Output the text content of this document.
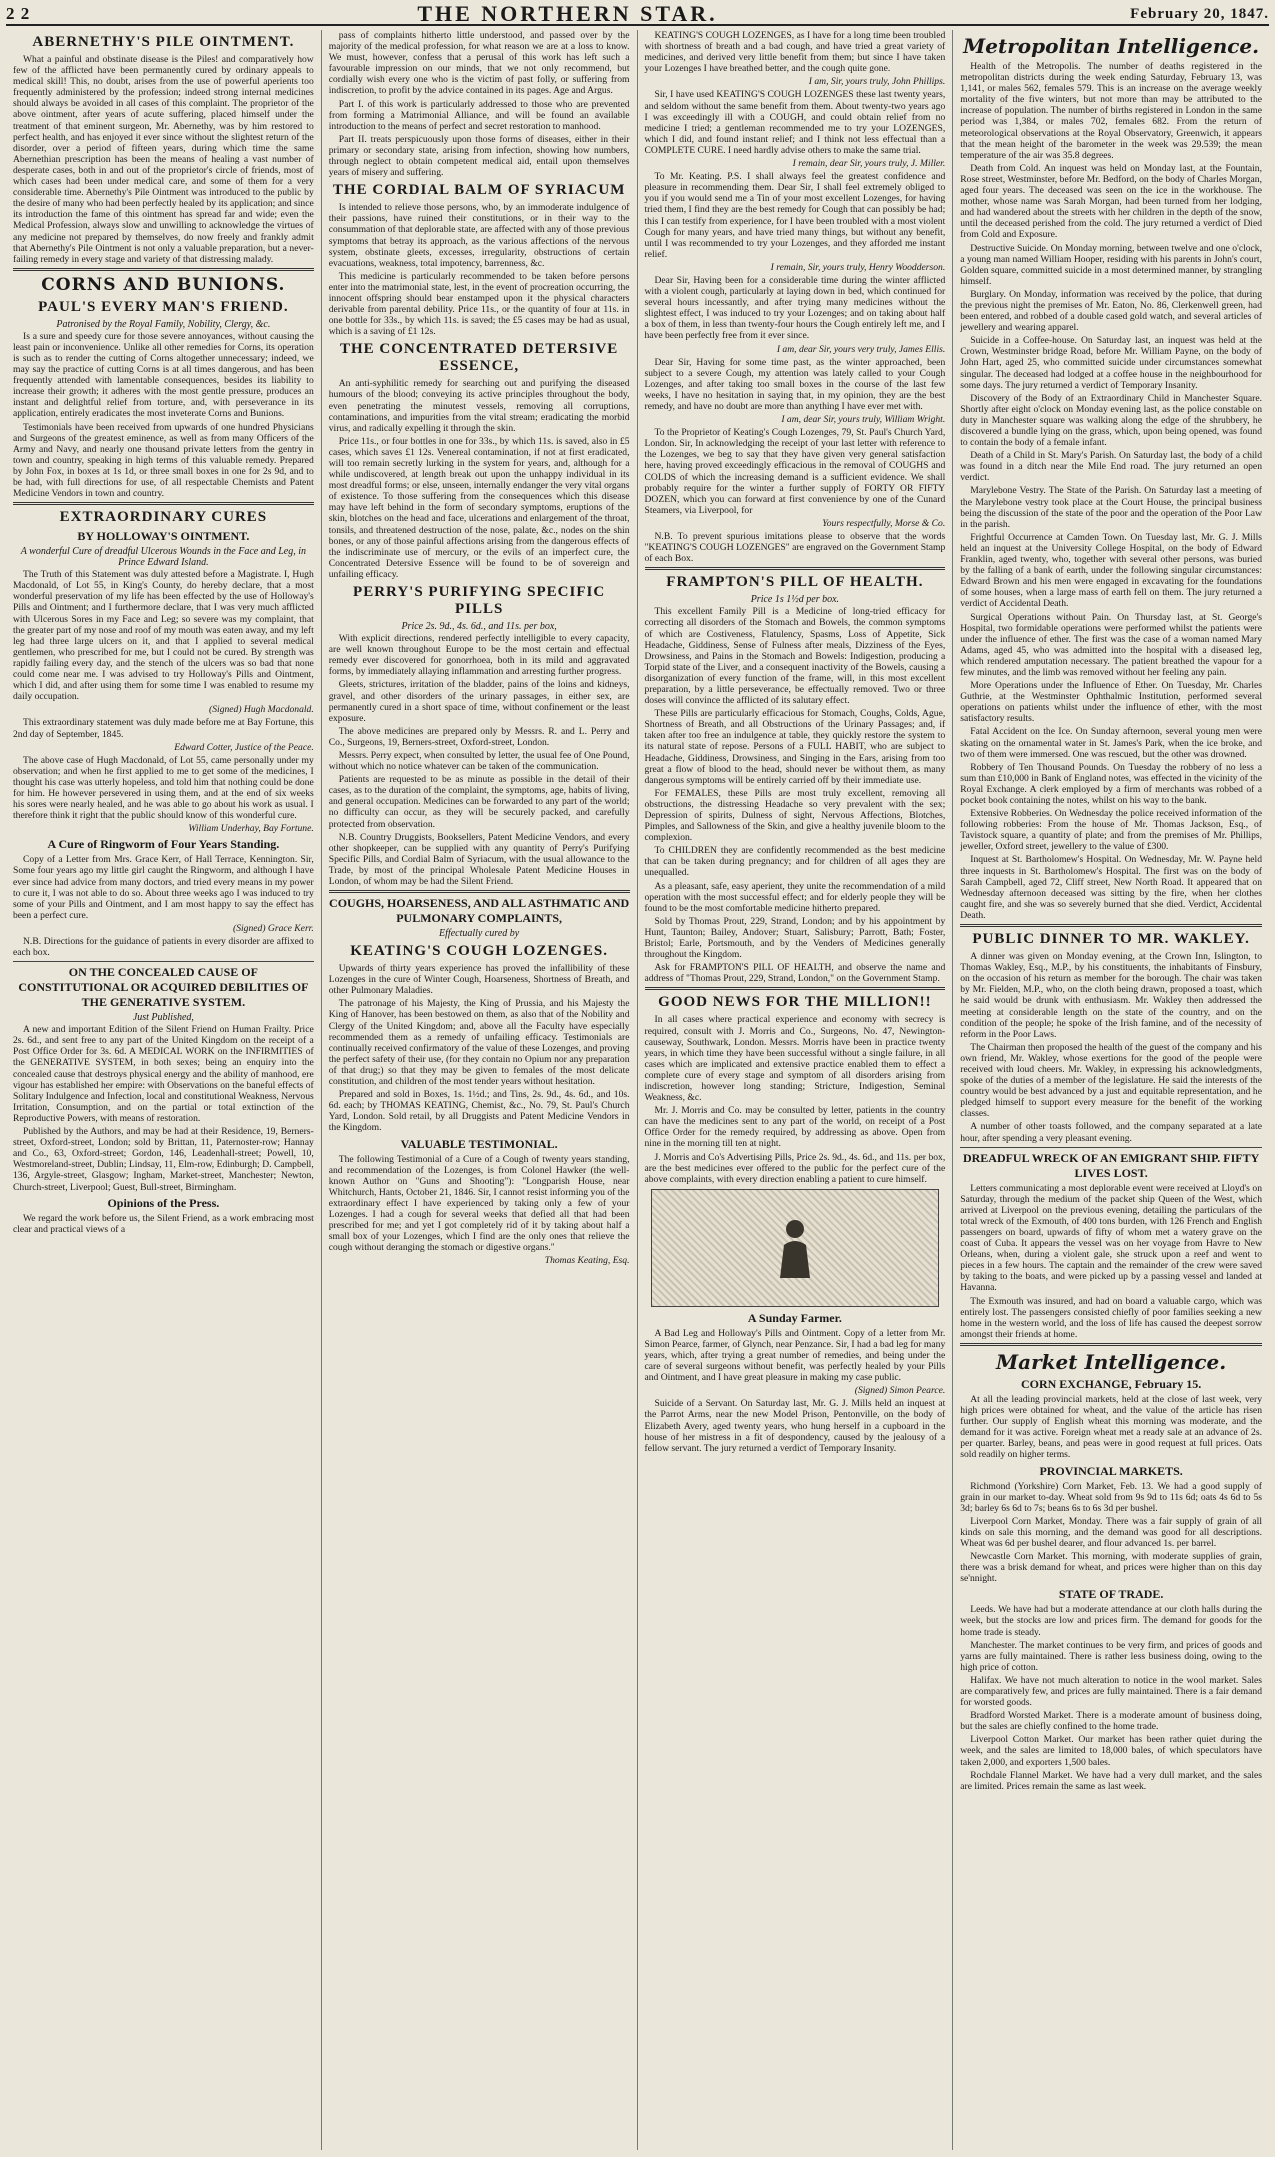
2 2	THE NORTHERN STAR.	February 20, 1847.
ABERNETHY'S PILE OINTMENT.

What a painful and obstinate disease is the Piles! and comparatively how few of the afflicted have been permanently cured by ordinary appeals to medical skill! This, no doubt, arises from the use of powerful aperients too frequently administered by the profession; indeed strong internal medicines should always be avoided in all cases of this complaint. The proprietor of the above ointment, after years of acute suffering, placed himself under the treatment of that eminent surgeon, Mr. Abernethy, was by him restored to perfect health, and has enjoyed it ever since without the slightest return of the disorder, over a period of fifteen years, during which time the same Abernethian prescription has been the means of healing a vast number of desperate cases, both in and out of the proprietor's circle of friends, most of which cases had been under medical care, and some of them for a very considerable time. Abernethy's Pile Ointment was introduced to the public by the desire of many who had been perfectly healed by its application; and since its introduction the fame of this ointment has spread far and wide; even the Medical Profession, always slow and unwilling to acknowledge the virtues of any medicine not prepared by themselves, do now freely and frankly admit that Abernethy's Pile Ointment is not only a valuable preparation, but a never-failing remedy in every stage and variety of that distressing malady.

CORNS AND BUNIONS.
PAUL'S EVERY MAN'S FRIEND.
Patronised by the Royal Family, Nobility, Clergy, &c.

Is a sure and speedy cure for those severe annoyances, without causing the least pain or inconvenience. Unlike all other remedies for Corns, its operation is such as to render the cutting of Corns altogether unnecessary; indeed, we may say the practice of cutting Corns is at all times dangerous, and has been frequently attended with lamentable consequences, besides its liability to increase their growth; it adheres with the most gentle pressure, produces an instant and delightful relief from torture, and, with perseverance in its application, entirely eradicates the most inveterate Corns and Bunions.

Testimonials have been received from upwards of one hundred Physicians and Surgeons of the greatest eminence, as well as from many Officers of the Army and Navy, and nearly one thousand private letters from the gentry in town and country, speaking in high terms of this valuable remedy. Prepared by John Fox, in boxes at 1s 1d, or three small boxes in one for 2s 9d, and to be had, with full directions for use, of all respectable Chemists and Patent Medicine Vendors in town and country.

EXTRAORDINARY CURES
BY HOLLOWAY'S OINTMENT.
A wonderful Cure of dreadful Ulcerous Wounds in the Face and Leg, in Prince Edward Island.

The Truth of this Statement was duly attested before a Magistrate. I, Hugh Macdonald, of Lot 55, in King's County, do hereby declare, that a most wonderful preservation of my life has been effected by the use of Holloway's Pills and Ointment; and I furthermore declare, that I was very much afflicted with Ulcerous Sores in my Face and Leg; so severe was my complaint, that the greater part of my nose and roof of my mouth was eaten away, and my left leg had three large ulcers on it, and that I applied to several medical gentlemen, who prescribed for me, but I could not be cured. By strength was rapidly failing every day, and the stench of the ulcers was so bad that none could come near me. I was advised to try Holloway's Pills and Ointment, which I did, and after using them for some time I was enabled to resume my daily occupation.

(Signed) Hugh Macdonald.

This extraordinary statement was duly made before me at Bay Fortune, this 2nd day of September, 1845.

Edward Cotter, Justice of the Peace.

The above case of Hugh Macdonald, of Lot 55, came personally under my observation; and when he first applied to me to get some of the medicines, I thought his case was utterly hopeless, and told him that nothing could be done for him. He however persevered in using them, and at the end of six weeks his sores were nearly healed, and he was able to go about his work as usual. I therefore think it right that the public should know of this wonderful cure.

William Underhay, Bay Fortune.

A Cure of Ringworm of Four Years Standing.

Copy of a Letter from Mrs. Grace Kerr, of Hall Terrace, Kennington. Sir, Some four years ago my little girl caught the Ringworm, and although I have ever since had advice from many doctors, and tried every means in my power to cure it, I was not able to do so. About three weeks ago I was induced to try some of your Pills and Ointment, and I am most happy to say the effect has been a perfect cure.

(Signed) Grace Kerr.

N.B. Directions for the guidance of patients in every disorder are affixed to each box.

ON THE CONCEALED CAUSE OF CONSTITUTIONAL OR ACQUIRED DEBILITIES OF THE GENERATIVE SYSTEM.
Just Published,

A new and important Edition of the Silent Friend on Human Frailty. Price 2s. 6d., and sent free to any part of the United Kingdom on the receipt of a Post Office Order for 3s. 6d. A MEDICAL WORK on the INFIRMITIES of the GENERATIVE SYSTEM, in both sexes; being an enquiry into the concealed cause that destroys physical energy and the ability of manhood, ere vigour has established her empire: with Observations on the baneful effects of Solitary Indulgence and Infection, local and constitutional Weakness, Nervous Irritation, Consumption, and on the partial or total extinction of the Reproductive Powers, with means of restoration.

Published by the Authors, and may be had at their Residence, 19, Berners-street, Oxford-street, London; sold by Brittan, 11, Paternoster-row; Hannay and Co., 63, Oxford-street; Gordon, 146, Leadenhall-street; Powell, 10, Westmoreland-street, Dublin; Lindsay, 11, Elm-row, Edinburgh; D. Campbell, 136, Argyle-street, Glasgow; Ingham, Market-street, Manchester; Newton, Church-street, Liverpool; Guest, Bull-street, Birmingham.

Opinions of the Press.

We regard the work before us, the Silent Friend, as a work embracing most clear and practical views of a

pass of complaints hitherto little understood, and passed over by the majority of the medical profession, for what reason we are at a loss to know. We must, however, confess that a perusal of this work has left such a favourable impression on our minds, that we not only recommend, but cordially wish every one who is the victim of past folly, or suffering from indiscretion, to profit by the advice contained in its pages. Age and Argus.

Part I. of this work is particularly addressed to those who are prevented from forming a Matrimonial Alliance, and will be found an available introduction to the means of perfect and secret restoration to manhood.

Part II. treats perspicuously upon those forms of diseases, either in their primary or secondary state, arising from infection, showing how numbers, through neglect to obtain competent medical aid, entail upon themselves years of misery and suffering.

THE CORDIAL BALM OF SYRIACUM

Is intended to relieve those persons, who, by an immoderate indulgence of their passions, have ruined their constitutions, or in their way to the consummation of that deplorable state, are affected with any of those previous symptoms that betray its approach, as the various affections of the nervous system, obstinate gleets, excesses, irregularity, obstructions of certain evacuations, weakness, total impotency, barrenness, &c.

This medicine is particularly recommended to be taken before persons enter into the matrimonial state, lest, in the event of procreation occurring, the innocent offspring should bear enstamped upon it the physical characters derivable from parental debility. Price 11s., or the quantity of four at 11s. in one bottle for 33s., by which 11s. is saved; the £5 cases may be had as usual, which is a saving of £1 12s.

THE CONCENTRATED DETERSIVE ESSENCE,

An anti-syphilitic remedy for searching out and purifying the diseased humours of the blood; conveying its active principles throughout the body, even penetrating the minutest vessels, removing all corruptions, contaminations, and impurities from the vital stream; eradicating the morbid virus, and radically expelling it through the skin.

Price 11s., or four bottles in one for 33s., by which 11s. is saved, also in £5 cases, which saves £1 12s. Venereal contamination, if not at first eradicated, will too remain secretly lurking in the system for years, and, although for a while undiscovered, at length break out upon the unhappy individual in its most dreadful forms; or else, unseen, internally endanger the very vital organs of existence. To those suffering from the consequences which this disease may have left behind in the form of secondary symptoms, eruptions of the skin, blotches on the head and face, ulcerations and enlargement of the throat, tonsils, and threatened destruction of the nose, palate, &c., nodes on the shin bones, or any of those painful affections arising from the dangerous effects of the indiscriminate use of mercury, or the evils of an imperfect cure, the Concentrated Detersive Essence will be found to be of sovereign and unfailing efficacy.

PERRY'S PURIFYING SPECIFIC PILLS
Price 2s. 9d., 4s. 6d., and 11s. per box,

With explicit directions, rendered perfectly intelligible to every capacity, are well known throughout Europe to be the most certain and effectual remedy ever discovered for gonorrhoea, both in its mild and aggravated forms, by immediately allaying inflammation and arresting further progress.

Gleets, strictures, irritation of the bladder, pains of the loins and kidneys, gravel, and other disorders of the urinary passages, in either sex, are permanently cured in a short space of time, without confinement or the least exposure.

The above medicines are prepared only by Messrs. R. and L. Perry and Co., Surgeons, 19, Berners-street, Oxford-street, London.

Messrs. Perry expect, when consulted by letter, the usual fee of One Pound, without which no notice whatever can be taken of the communication.

Patients are requested to be as minute as possible in the detail of their cases, as to the duration of the complaint, the symptoms, age, habits of living, and general occupation. Medicines can be forwarded to any part of the world; no difficulty can occur, as they will be securely packed, and carefully protected from observation.

N.B. Country Druggists, Booksellers, Patent Medicine Vendors, and every other shopkeeper, can be supplied with any quantity of Perry's Purifying Specific Pills, and Cordial Balm of Syriacum, with the usual allowance to the Trade, by most of the principal Wholesale Patent Medicine Houses in London, of whom may be had the Silent Friend.

COUGHS, HOARSENESS, AND ALL ASTHMATIC AND PULMONARY COMPLAINTS,
Effectually cured by
KEATING'S COUGH LOZENGES.

Upwards of thirty years experience has proved the infallibility of these Lozenges in the cure of Winter Cough, Hoarseness, Shortness of Breath, and other Pulmonary Maladies.

The patronage of his Majesty, the King of Prussia, and his Majesty the King of Hanover, has been bestowed on them, as also that of the Nobility and Clergy of the United Kingdom; and, above all the Faculty have especially recommended them as a remedy of unfailing efficacy. Testimonials are continually received confirmatory of the value of these Lozenges, and proving the perfect safety of their use, (for they contain no Opium nor any preparation of that drug;) so that they may be given to females of the most delicate constitution, and children of the most tender years without hesitation.

Prepared and sold in Boxes, 1s. 1½d.; and Tins, 2s. 9d., 4s. 6d., and 10s. 6d. each; by THOMAS KEATING, Chemist, &c., No. 79, St. Paul's Church Yard, London. Sold retail, by all Druggists and Patent Medicine Vendors in the Kingdom.

VALUABLE TESTIMONIAL.

The following Testimonial of a Cure of a Cough of twenty years standing, and recommendation of the Lozenges, is from Colonel Hawker (the well-known Author on "Guns and Shooting"): "Longparish House, near Whitchurch, Hants, October 21, 1846. Sir, I cannot resist informing you of the extraordinary effect I have experienced by taking only a few of your Lozenges. I had a cough for several weeks that defied all that had been prescribed for me; and yet I got completely rid of it by taking about half a small box of your Lozenges, which I find are the only ones that relieve the cough without deranging the stomach or digestive organs."

Thomas Keating, Esq.

KEATING'S COUGH LOZENGES, as I have for a long time been troubled with shortness of breath and a bad cough, and have tried a great variety of medicines, and derived very little benefit from them; but since I have taken your Lozenges I have breathed better, and the cough quite gone.

I am, Sir, yours truly, John Phillips.

Sir, I have used KEATING'S COUGH LOZENGES these last twenty years, and seldom without the same benefit from them. About twenty-two years ago I was exceedingly ill with a COUGH, and could obtain relief from no medicine I tried; a gentleman recommended me to try your LOZENGES, which I did, and found instant relief; and I think not less effectual than a COMPLETE CURE. I need hardly advise others to make the same trial.

I remain, dear Sir, yours truly, J. Miller.

To Mr. Keating. P.S. I shall always feel the greatest confidence and pleasure in recommending them. Dear Sir, I shall feel extremely obliged to you if you would send me a Tin of your most excellent Lozenges, for having tried them, I find they are the best remedy for Cough that can possibly be had; this I can testify from experience, for I have been troubled with a most violent Cough for many years, and have tried many things, but without any benefit, until I was recommended to try your Lozenges, and they afforded me instant relief.

I remain, Sir, yours truly, Henry Woodderson.

Dear Sir, Having been for a considerable time during the winter afflicted with a violent cough, particularly at laying down in bed, which continued for several hours incessantly, and after trying many medicines without the slightest effect, I was induced to try your Lozenges; and on taking about half a box of them, in less than twenty-four hours the Cough entirely left me, and I have been perfectly free from it ever since.

I am, dear Sir, yours very truly, James Ellis.

Dear Sir, Having for some time past, as the winter approached, been subject to a severe Cough, my attention was lately called to your Cough Lozenges, and after taking too small boxes in the course of the last few weeks, I have no hesitation in saying that, in my opinion, they are the best remedy, and have no doubt are more than anything I have ever met with.

I am, dear Sir, yours truly, William Wright.

To the Proprietor of Keating's Cough Lozenges, 79, St. Paul's Church Yard, London. Sir, In acknowledging the receipt of your last letter with reference to the Lozenges, we beg to say that they have given very general satisfaction here, having proved exceedingly efficacious in the removal of COUGHS and COLDS of which the increasing demand is a sufficient evidence. We shall probably require for the winter a further supply of FORTY OR FIFTY DOZEN, which you can forward at first convenience by one of the Cunard Steamers, via Liverpool, for

Yours respectfully, Morse & Co.

N.B. To prevent spurious imitations please to observe that the words "KEATING'S COUGH LOZENGES" are engraved on the Government Stamp of each Box.

FRAMPTON'S PILL OF HEALTH.
Price 1s 1½d per box.

This excellent Family Pill is a Medicine of long-tried efficacy for correcting all disorders of the Stomach and Bowels, the common symptoms of which are Costiveness, Flatulency, Spasms, Loss of Appetite, Sick Headache, Giddiness, Sense of Fulness after meals, Dizziness of the Eyes, Drowsiness, and Pains in the Stomach and Bowels: Indigestion, producing a Torpid state of the Liver, and a consequent inactivity of the Bowels, causing a disorganization of every function of the frame, will, in this most excellent preparation, by a little perseverance, be effectually removed. Two or three doses will convince the afflicted of its salutary effect.

These Pills are particularly efficacious for Stomach, Coughs, Colds, Ague, Shortness of Breath, and all Obstructions of the Urinary Passages; and, if taken after too free an indulgence at table, they quickly restore the system to its natural state of repose. Persons of a FULL HABIT, who are subject to Headache, Giddiness, Drowsiness, and Singing in the Ears, arising from too great a flow of blood to the head, should never be without them, as many dangerous symptoms will be entirely carried off by their immediate use.

For FEMALES, these Pills are most truly excellent, removing all obstructions, the distressing Headache so very prevalent with the sex; Depression of spirits, Dulness of sight, Nervous Affections, Blotches, Pimples, and Sallowness of the Skin, and give a healthy juvenile bloom to the complexion.

To CHILDREN they are confidently recommended as the best medicine that can be taken during pregnancy; and for children of all ages they are unequalled.

As a pleasant, safe, easy aperient, they unite the recommendation of a mild operation with the most successful effect; and for elderly people they will be found to be the most comfortable medicine hitherto prepared.

Sold by Thomas Prout, 229, Strand, London; and by his appointment by Hunt, Taunton; Bailey, Andover; Stuart, Salisbury; Parrott, Bath; Foster, Bristol; Earle, Portsmouth, and by the Venders of Medicines generally throughout the Kingdom.

Ask for FRAMPTON'S PILL OF HEALTH, and observe the name and address of "Thomas Prout, 229, Strand, London," on the Government Stamp.

GOOD NEWS FOR THE MILLION!!

In all cases where practical experience and economy with secrecy is required, consult with J. Morris and Co., Surgeons, No. 47, Newington-causeway, Southwark, London. Messrs. Morris have been in practice twenty years, in which time they have been successful without a single failure, in all cases which are implicated and extensive practice enabled them to effect a complete cure of every stage and symptom of all disorders arising from indiscretion, however long standing; Stricture, Indigestion, Seminal Weakness, &c.

Mr. J. Morris and Co. may be consulted by letter, patients in the country can have the medicines sent to any part of the world, on receipt of a Post Office Order for the remedy required, by addressing as above. Open from nine in the morning till ten at night.

J. Morris and Co's Advertising Pills, Price 2s. 9d., 4s. 6d., and 11s. per box, are the best medicines ever offered to the public for the perfect cure of the above complaints, with every direction enabling a patient to cure himself.

A Sunday Farmer.

A Bad Leg and Holloway's Pills and Ointment. Copy of a letter from Mr. Simon Pearce, farmer, of Glynch, near Penzance. Sir, I had a bad leg for many years, which, after trying a great number of remedies, and being under the care of several surgeons without benefit, was perfectly healed by your Pills and Ointment, and I have great pleasure in making my case public.

(Signed) Simon Pearce.

Suicide of a Servant. On Saturday last, Mr. G. J. Mills held an inquest at the Parrot Arms, near the new Model Prison, Pentonville, on the body of Elizabeth Avery, aged twenty years, who hung herself in a cupboard in the house of her mistress in a fit of despondency, caused by the jealousy of a fellow servant. The jury returned a verdict of Temporary Insanity.

Metropolitan Intelligence.

Health of the Metropolis. The number of deaths registered in the metropolitan districts during the week ending Saturday, February 13, was 1,141, or males 562, females 579. This is an increase on the average weekly mortality of the five winters, but not more than may be attributed to the increase of population. The number of births registered in London in the same period was 1,384, or males 702, females 682. From the return of meteorological observations at the Royal Observatory, Greenwich, it appears that the mean height of the barometer in the week was 29.539; the mean temperature of the air was 35.8 degrees.

Death from Cold. An inquest was held on Monday last, at the Fountain, Rose street, Westminster, before Mr. Bedford, on the body of Charles Morgan, aged four years. The deceased was seen on the ice in the workhouse. The mother, whose name was Sarah Morgan, had been turned from her lodging, and had wandered about the streets with her children in the depth of the snow, until the deceased perished from the cold. The jury returned a verdict of Died from Cold and Exposure.

Destructive Suicide. On Monday morning, between twelve and one o'clock, a young man named William Hooper, residing with his parents in John's court, Golden square, committed suicide in a most determined manner, by strangling himself.

Burglary. On Monday, information was received by the police, that during the previous night the premises of Mr. Eaton, No. 86, Clerkenwell green, had been entered, and robbed of a double cased gold watch, and several articles of jewellery and wearing apparel.

Suicide in a Coffee-house. On Saturday last, an inquest was held at the Crown, Westminster bridge Road, before Mr. William Payne, on the body of John Hart, aged 25, who committed suicide under circumstances somewhat singular. The deceased had lodged at a coffee house in the neighbourhood for some days. The jury returned a verdict of Temporary Insanity.

Discovery of the Body of an Extraordinary Child in Manchester Square. Shortly after eight o'clock on Monday evening last, as the police constable on duty in Manchester square was walking along the edge of the shrubbery, he discovered a bundle lying on the grass, which, upon being opened, was found to contain the body of a female infant.

Death of a Child in St. Mary's Parish. On Saturday last, the body of a child was found in a ditch near the Mile End road. The jury returned an open verdict.

Marylebone Vestry. The State of the Parish. On Saturday last a meeting of the Marylebone vestry took place at the Court House, the principal business being the discussion of the state of the poor and the operation of the Poor Law in the parish.

Frightful Occurrence at Camden Town. On Tuesday last, Mr. G. J. Mills held an inquest at the University College Hospital, on the body of Edward Franklin, aged twenty, who, together with several other persons, was buried by the falling of a bank of earth, under the following singular circumstances: Edward Brown and his men were engaged in excavating for the foundations of some houses, when a large mass of earth fell on them. The jury returned a verdict of Accidental Death.

Surgical Operations without Pain. On Thursday last, at St. George's Hospital, two formidable operations were performed whilst the patients were under the influence of ether. The first was the case of a woman named Mary Adams, aged 45, who was admitted into the hospital with a diseased leg, which rendered amputation necessary. The patient breathed the vapour for a few minutes, and the limb was removed without her feeling any pain.

More Operations under the Influence of Ether. On Tuesday, Mr. Charles Guthrie, at the Westminster Ophthalmic Institution, performed several operations on patients whilst under the influence of ether, with the most satisfactory results.

Fatal Accident on the Ice. On Sunday afternoon, several young men were skating on the ornamental water in St. James's Park, when the ice broke, and two of them were immersed. One was rescued, but the other was drowned.

Robbery of Ten Thousand Pounds. On Tuesday the robbery of no less a sum than £10,000 in Bank of England notes, was effected in the vicinity of the Royal Exchange. A clerk employed by a firm of merchants was robbed of a pocket book containing the notes, whilst on his way to the bank.

Extensive Robberies. On Wednesday the police received information of the following robberies: From the house of Mr. Thomas Jackson, Esq., of Tavistock square, a quantity of plate; and from the premises of Mr. Phillips, jeweller, Oxford street, jewellery to the value of £300.

Inquest at St. Bartholomew's Hospital. On Wednesday, Mr. W. Payne held three inquests in St. Bartholomew's Hospital. The first was on the body of Sarah Campbell, aged 72, Cliff street, New North Road. It appeared that on Wednesday afternoon deceased was sitting by the fire, when her clothes caught fire, and she was so severely burned that she died. Verdict, Accidental Death.

PUBLIC DINNER TO MR. WAKLEY.

A dinner was given on Monday evening, at the Crown Inn, Islington, to Thomas Wakley, Esq., M.P., by his constituents, the inhabitants of Finsbury, on the occasion of his return as member for the borough. The chair was taken by Mr. Fielden, M.P., who, on the cloth being drawn, proposed a toast, which he said would be drunk with enthusiasm. Mr. Wakley then addressed the meeting at considerable length on the state of the country, and on the condition of the people; he spoke of the Irish famine, and of the necessity of reform in the Poor Laws.

The Chairman then proposed the health of the guest of the company and his own friend, Mr. Wakley, whose exertions for the good of the people were received with loud cheers. Mr. Wakley, in expressing his acknowledgments, spoke of the duties of a member of the legislature. He said the interests of the country would be best advanced by a just and equitable representation, and he pledged himself to support every measure for the benefit of the working classes.

A number of other toasts followed, and the company separated at a late hour, after spending a very pleasant evening.

DREADFUL WRECK OF AN EMIGRANT SHIP. FIFTY LIVES LOST.

Letters communicating a most deplorable event were received at Lloyd's on Saturday, through the medium of the packet ship Queen of the West, which arrived at Liverpool on the previous evening, detailing the particulars of the total wreck of the Exmouth, of 400 tons burden, with 126 French and English passengers on board, upwards of fifty of whom met a watery grave on the coast of Cuba. It appears the vessel was on her voyage from Havre to New Orleans, when, during a violent gale, she struck upon a reef and went to pieces in a few hours. The captain and the remainder of the crew were saved by taking to the boats, and were picked up by a passing vessel and landed at Havanna.

The Exmouth was insured, and had on board a valuable cargo, which was entirely lost. The passengers consisted chiefly of poor families seeking a new home in the western world, and the loss of life has caused the deepest sorrow amongst their friends at home.

Market Intelligence.
CORN EXCHANGE, February 15.

At all the leading provincial markets, held at the close of last week, very high prices were obtained for wheat, and the value of the article has risen further. Our supply of English wheat this morning was moderate, and the demand for it was active. Foreign wheat met a ready sale at an advance of 2s. per quarter. Barley, beans, and peas were in good request at full prices. Oats sold readily on higher terms.

PROVINCIAL MARKETS.

Richmond (Yorkshire) Corn Market, Feb. 13. We had a good supply of grain in our market to-day. Wheat sold from 9s 9d to 11s 6d; oats 4s 6d to 5s 3d; barley 6s 6d to 7s; beans 6s to 6s 3d per bushel.

Liverpool Corn Market, Monday. There was a fair supply of grain of all kinds on sale this morning, and the demand was good for all descriptions. Wheat was 6d per bushel dearer, and flour advanced 1s. per barrel.

Newcastle Corn Market. This morning, with moderate supplies of grain, there was a brisk demand for wheat, and prices were higher than on this day se'nnight.

STATE OF TRADE.

Leeds. We have had but a moderate attendance at our cloth halls during the week, but the stocks are low and prices firm. The demand for goods for the home trade is steady.

Manchester. The market continues to be very firm, and prices of goods and yarns are fully maintained. There is rather less business doing, owing to the high price of cotton.

Halifax. We have not much alteration to notice in the wool market. Sales are comparatively few, and prices are fully maintained. There is a fair demand for worsted goods.

Bradford Worsted Market. There is a moderate amount of business doing, but the sales are chiefly confined to the home trade.

Liverpool Cotton Market. Our market has been rather quiet during the week, and the sales are limited to 18,000 bales, of which speculators have taken 2,000, and exporters 1,500 bales.

Rochdale Flannel Market. We have had a very dull market, and the sales are limited. Prices remain the same as last week.
